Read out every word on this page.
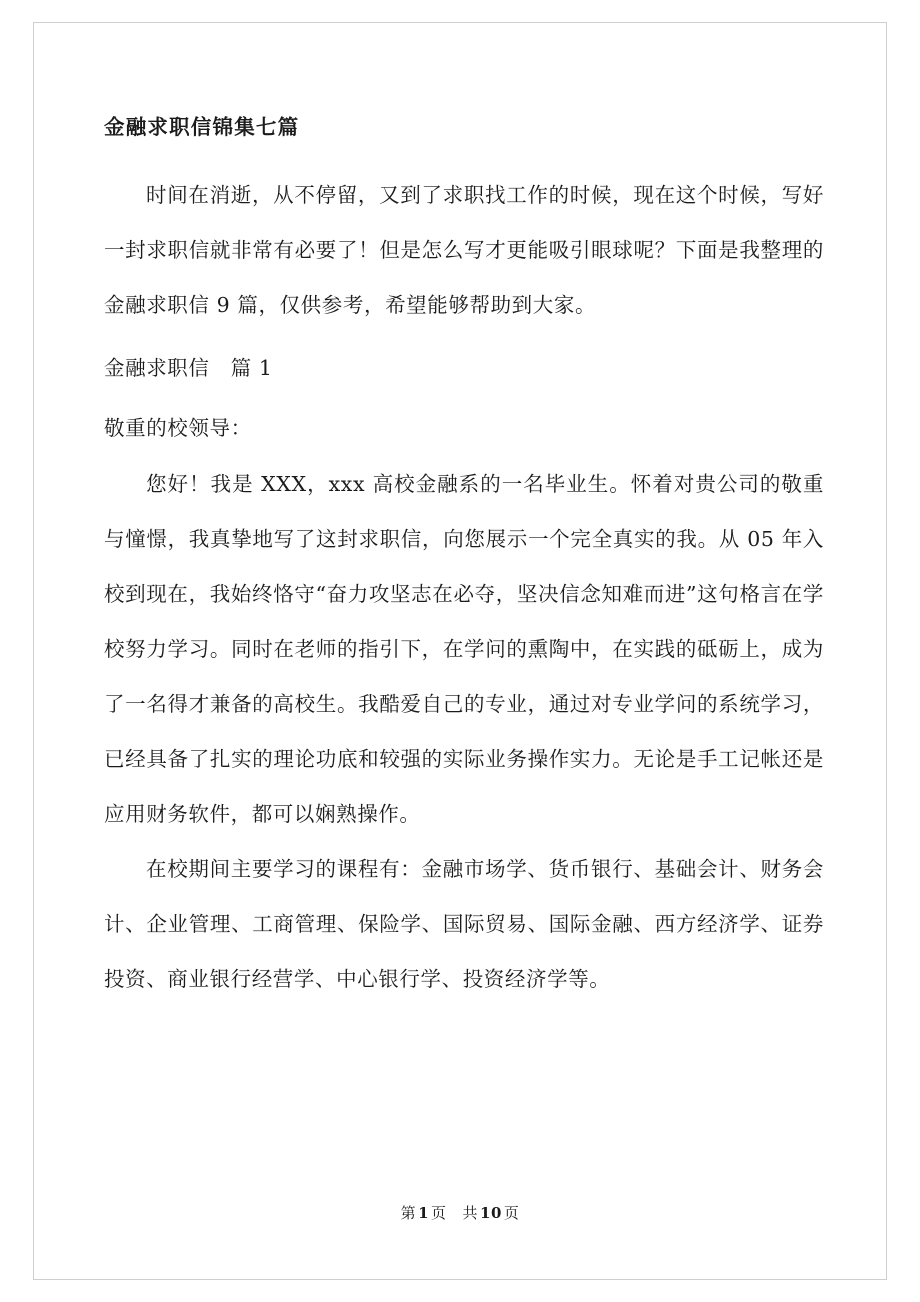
金融求职信锦集七篇

时间在消逝，从不停留，又到了求职找工作的时候，现在这个时候，写好一封求职信就非常有必要了！但是怎么写才更能吸引眼球呢？下面是我整理的金融求职信 9 篇，仅供参考，希望能够帮助到大家。

金融求职信　篇 1
敬重的校领导：

您好！我是 XXX，xxx 高校金融系的一名毕业生。怀着对贵公司的敬重与憧憬，我真挚地写了这封求职信，向您展示一个完全真实的我。从 05 年入校到现在，我始终恪守“奋力攻坚志在必夺，坚决信念知难而进”这句格言在学校努力学习。同时在老师的指引下，在学问的熏陶中，在实践的砥砺上，成为了一名得才兼备的高校生。我酷爱自己的专业，通过对专业学问的系统学习，已经具备了扎实的理论功底和较强的实际业务操作实力。无论是手工记帐还是应用财务软件，都可以娴熟操作。

在校期间主要学习的课程有：金融市场学、货币银行、基础会计、财务会计、企业管理、工商管理、保险学、国际贸易、国际金融、西方经济学、证券投资、商业银行经营学、中心银行学、投资经济学等。

第 1 页 共 10 页
